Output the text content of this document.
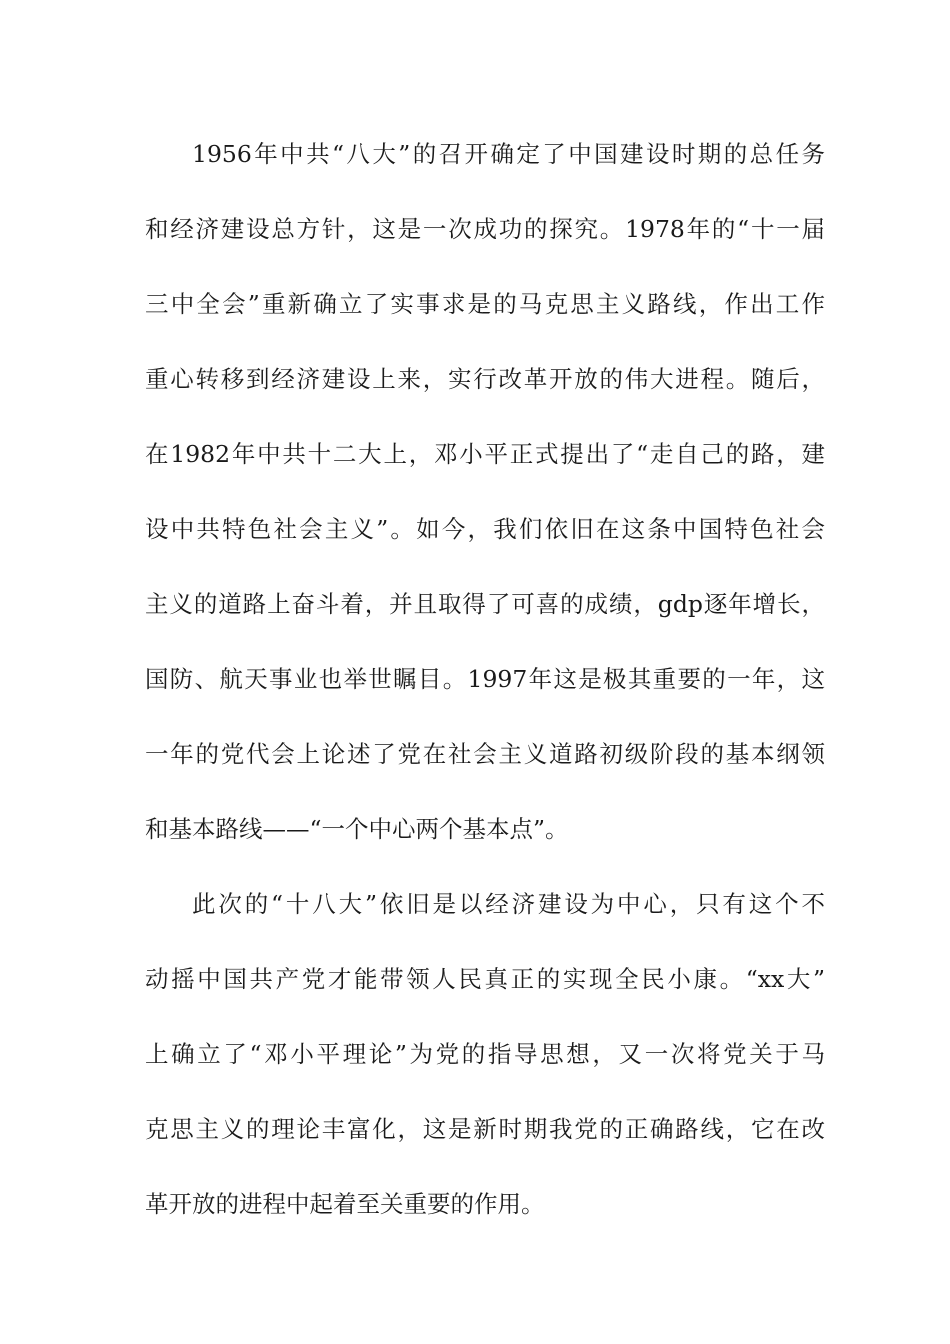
1956年中共“八大”的召开确定了中国建设时期的总任务
和经济建设总方针，这是一次成功的探究。1978年的“十一届
三中全会”重新确立了实事求是的马克思主义路线，作出工作
重心转移到经济建设上来，实行改革开放的伟大进程。随后，
在1982年中共十二大上，邓小平正式提出了“走自己的路，建
设中共特色社会主义”。如今，我们依旧在这条中国特色社会
主义的道路上奋斗着，并且取得了可喜的成绩，gdp逐年增长，
国防、航天事业也举世瞩目。1997年这是极其重要的一年，这
一年的党代会上论述了党在社会主义道路初级阶段的基本纲领
和基本路线——“一个中心两个基本点”。
此次的“十八大”依旧是以经济建设为中心，只有这个不
动摇中国共产党才能带领人民真正的实现全民小康。“xx大”
上确立了“邓小平理论”为党的指导思想，又一次将党关于马
克思主义的理论丰富化，这是新时期我党的正确路线，它在改
革开放的进程中起着至关重要的作用。
